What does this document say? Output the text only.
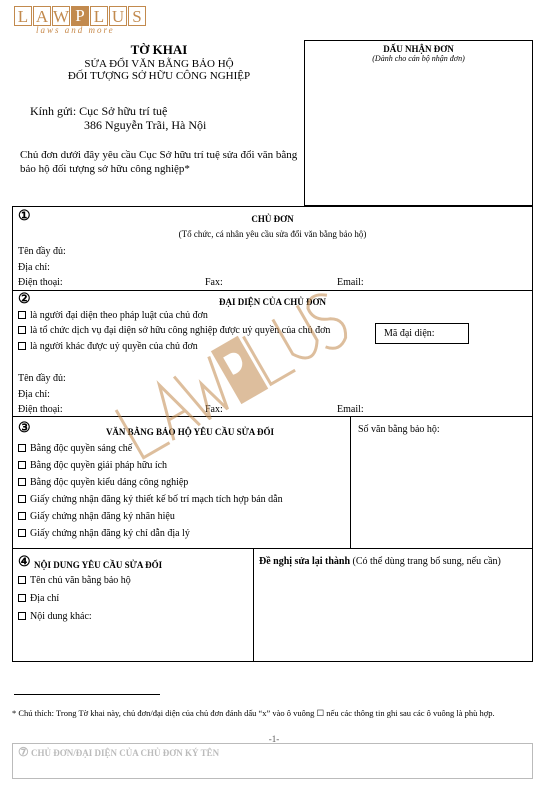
L A W P L U S
laws and more
TỜ KHAI
SỬA ĐỔI VĂN BẰNG BẢO HỘ
ĐỐI TƯỢNG SỞ HỮU CÔNG NGHIỆP
Kính gửi: Cục Sở hữu trí tuệ
386 Nguyễn Trãi, Hà Nội
Chủ đơn dưới đây yêu cầu Cục Sở hữu trí tuệ sửa đổi văn bằng bảo hộ đối tượng sở hữu công nghiệp*
DẤU NHẬN ĐƠN
(Dành cho cán bộ nhận đơn)
①	CHỦ ĐƠN
(Tổ chức, cá nhân yêu cầu sửa đổi văn bằng bảo hộ)
Tên đầy đủ:
Địa chỉ:
Điện thoại:	Fax:	Email:
②	ĐẠI DIỆN CỦA CHỦ ĐƠN
là người đại diện theo pháp luật của chủ đơn
là tổ chức dịch vụ đại diện sở hữu công nghiệp được uỷ quyền của chủ đơn
là người khác được uỷ quyền của chủ đơn
Mã đại diện:
Tên đầy đủ:
Địa chỉ:
Điện thoại:	Fax:	Email:
③	VĂN BẰNG BẢO HỘ YÊU CẦU SỬA ĐỔI	Số văn bằng bảo hộ:
Bằng độc quyền sáng chế
Bằng độc quyền giải pháp hữu ích
Bằng độc quyền kiểu dáng công nghiệp
Giấy chứng nhận đăng ký thiết kế bố trí mạch tích hợp bán dẫn
Giấy chứng nhận đăng ký nhãn hiệu
Giấy chứng nhận đăng ký chỉ dẫn địa lý
④ NỘI DUNG YÊU CẦU SỬA ĐỔI
Tên chủ văn bằng bảo hộ
Địa chỉ
Nội dung khác:
Đề nghị sửa lại thành (Có thể dùng trang bổ sung, nếu cần)
* Chú thích: Trong Tờ khai này, chủ đơn/đại diện của chủ đơn đánh dấu “x” vào ô vuông ☐ nếu các thông tin ghi sau các ô vuông là phù hợp.
-1-
⑦ CHỦ ĐƠN/ĐẠI DIỆN CỦA CHỦ ĐƠN KÝ TÊN
